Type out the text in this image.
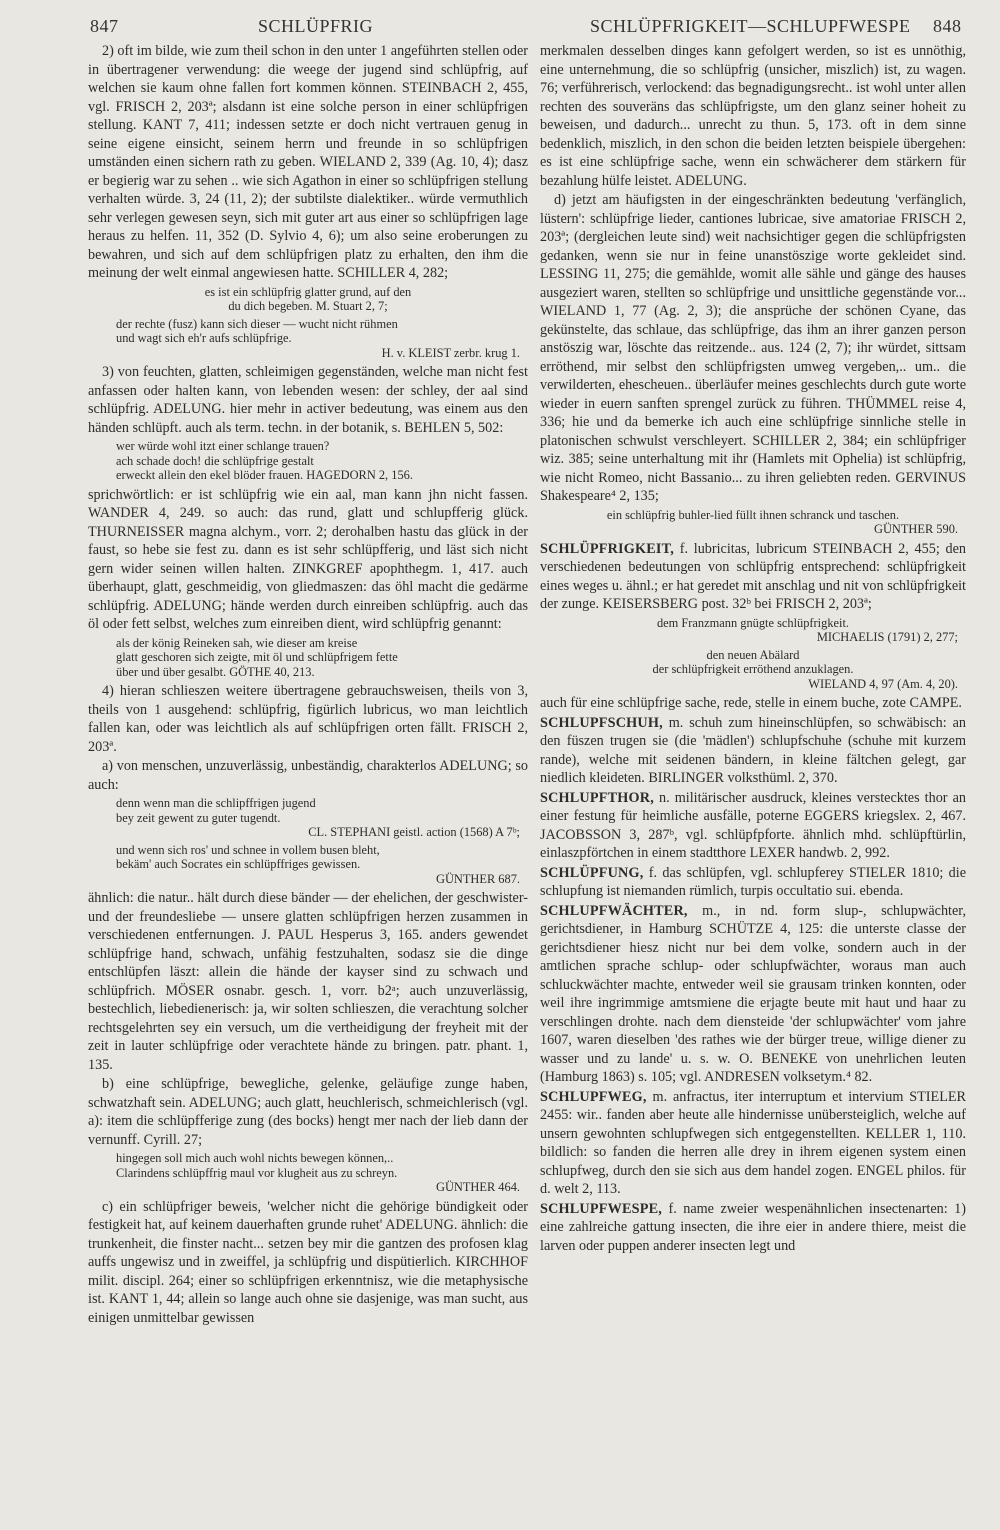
847	SCHLÜPFRIG	SCHLÜPFRIGKEIT—SCHLUPFWESPE 848

2) oft im bilde, wie zum theil schon in den unter 1 angeführten stellen oder in übertragener verwendung: die weege der jugend sind schlüpfrig, auf welchen sie kaum ohne fallen fort kommen können. STEINBACH 2, 455, vgl. FRISCH 2, 203ª; alsdann ist eine solche person in einer schlüpfrigen stellung. KANT 7, 411; indessen setzte er doch nicht vertrauen genug in seine eigene einsicht, seinem herrn und freunde in so schlüpfrigen umständen einen sichern rath zu geben. WIELAND 2, 339 (Ag. 10, 4); dasz er begierig war zu sehen .. wie sich Agathon in einer so schlüpfrigen stellung verhalten würde. 3, 24 (11, 2); der subtilste dialektiker.. würde vermuthlich sehr verlegen gewesen seyn, sich mit guter art aus einer so schlüpfrigen lage heraus zu helfen. 11, 352 (D. Sylvio 4, 6); um also seine eroberungen zu bewahren, und sich auf dem schlüpfrigen platz zu erhalten, den ihm die meinung der welt einmal angewiesen hatte. SCHILLER 4, 282;

es ist ein schlüpfrig glatter grund, auf den
du dich begeben. M. Stuart 2, 7;
der rechte (fusz) kann sich dieser — wucht nicht rühmen
und wagt sich eh'r aufs schlüpfrige.
H. v. KLEIST zerbr. krug 1.

3) von feuchten, glatten, schleimigen gegenständen, welche man nicht fest anfassen oder halten kann, von lebenden wesen: der schley, der aal sind schlüpfrig. ADELUNG. hier mehr in activer bedeutung, was einem aus den händen schlüpft. auch als term. techn. in der botanik, s. BEHLEN 5, 502:

wer würde wohl itzt einer schlange trauen?
ach schade doch! die schlüpfrige gestalt
erweckt allein den ekel blöder frauen. HAGEDORN 2, 156.

sprichwörtlich: er ist schlüpfrig wie ein aal, man kann jhn nicht fassen. WANDER 4, 249. so auch: das rund, glatt und schlupfferig glück. THURNEISSER magna alchym., vorr. 2; derohalben hastu das glück in der faust, so hebe sie fest zu. dann es ist sehr schlüpfferig, und läst sich nicht gern wider seinen willen halten. ZINKGREF apophthegm. 1, 417. auch überhaupt, glatt, geschmeidig, von gliedmaszen: das öhl macht die gedärme schlüpfrig. ADELUNG; hände werden durch einreiben schlüpfrig. auch das öl oder fett selbst, welches zum einreiben dient, wird schlüpfrig genannt:

als der könig Reineken sah, wie dieser am kreise
glatt geschoren sich zeigte, mit öl und schlüpfrigem fette
über und über gesalbt. GÖTHE 40, 213.

4) hieran schlieszen weitere übertragene gebrauchsweisen, theils von 3, theils von 1 ausgehend: schlüpfrig, figürlich lubricus, wo man leichtlich fallen kan, oder was leichtlich als auf schlüpfrigen orten fällt. FRISCH 2, 203ª.

a) von menschen, unzuverlässig, unbeständig, charakterlos ADELUNG; so auch:

denn wenn man die schlipffrigen jugend
bey zeit gewent zu guter tugendt.
CL. STEPHANI geistl. action (1568) A 7ᵇ;
und wenn sich ros' und schnee in vollem busen bleht,
bekäm' auch Socrates ein schlüpffriges gewissen.
GÜNTHER 687.

ähnlich: die natur.. hält durch diese bänder — der ehelichen, der geschwister- und der freundesliebe — unsere glatten schlüpfrigen herzen zusammen in verschiedenen entfernungen. J. PAUL Hesperus 3, 165. anders gewendet schlüpfrige hand, schwach, unfähig festzuhalten, sodasz sie die dinge entschlüpfen läszt: allein die hände der kayser sind zu schwach und schlüpfrich. MÖSER osnabr. gesch. 1, vorr. b2ᵃ; auch unzuverlässig, bestechlich, liebedienerisch: ja, wir solten schlieszen, die verachtung solcher rechtsgelehrten sey ein versuch, um die vertheidigung der freyheit mit der zeit in lauter schlüpfrige oder verachtete hände zu bringen. patr. phant. 1, 135.

b) eine schlüpfrige, bewegliche, gelenke, geläufige zunge haben, schwatzhaft sein. ADELUNG; auch glatt, heuchlerisch, schmeichlerisch (vgl. a): item die schlüpfferige zung (des bocks) hengt mer nach der lieb dann der vernunff. Cyrill. 27;

hingegen soll mich auch wohl nichts bewegen können,..
Clarindens schlüpffrig maul vor klugheit aus zu schreyn.
GÜNTHER 464.

c) ein schlüpfriger beweis, 'welcher nicht die gehörige bündigkeit oder festigkeit hat, auf keinem dauerhaften grunde ruhet' ADELUNG. ähnlich: die trunkenheit, die finster nacht... setzen bey mir die gantzen des profosen klag auffs ungewisz und in zweiffel, ja schlüpfrig und dispütierlich. KIRCHHOF milit. discipl. 264; einer so schlüpfrigen erkenntnisz, wie die metaphysische ist. KANT 1, 44; allein so lange auch ohne sie dasjenige, was man sucht, aus einigen unmittelbar gewissen

merkmalen desselben dinges kann gefolgert werden, so ist es unnöthig, eine unternehmung, die so schlüpfrig (unsicher, miszlich) ist, zu wagen. 76; verführerisch, verlockend: das begnadigungsrecht.. ist wohl unter allen rechten des souveräns das schlüpfrigste, um den glanz seiner hoheit zu beweisen, und dadurch... unrecht zu thun. 5, 173. oft in dem sinne bedenklich, miszlich, in den schon die beiden letzten beispiele übergehen: es ist eine schlüpfrige sache, wenn ein schwächerer dem stärkern für bezahlung hülfe leistet. ADELUNG.

d) jetzt am häufigsten in der eingeschränkten bedeutung 'verfänglich, lüstern': schlüpfrige lieder, cantiones lubricae, sive amatoriae FRISCH 2, 203ª; (dergleichen leute sind) weit nachsichtiger gegen die schlüpfrigsten gedanken, wenn sie nur in feine unanstöszige worte gekleidet sind. LESSING 11, 275; die gemählde, womit alle sähle und gänge des hauses ausgeziert waren, stellten so schlüpfrige und unsittliche gegenstände vor... WIELAND 1, 77 (Ag. 2, 3); die ansprüche der schönen Cyane, das gekünstelte, das schlaue, das schlüpfrige, das ihm an ihrer ganzen person anstöszig war, löschte das reitzende.. aus. 124 (2, 7); ihr würdet, sittsam erröthend, mir selbst den schlüpfrigsten umweg vergeben,.. um.. die verwilderten, ehescheuen.. überläufer meines geschlechts durch gute worte wieder in euern sanften sprengel zurück zu führen. THÜMMEL reise 4, 336; hie und da bemerke ich auch eine schlüpfrige sinnliche stelle in platonischen schwulst verschleyert. SCHILLER 2, 384; ein schlüpfriger wiz. 385; seine unterhaltung mit ihr (Hamlets mit Ophelia) ist schlüpfrig, wie nicht Romeo, nicht Bassanio... zu ihren geliebten reden. GERVINUS Shakespeare⁴ 2, 135;

ein schlüpfrig buhler-lied füllt ihnen schranck und taschen.
GÜNTHER 590.

SCHLÜPFRIGKEIT, f. lubricitas, lubricum STEINBACH 2, 455; den verschiedenen bedeutungen von schlüpfrig entsprechend: schlüpfrigkeit eines weges u. ähnl.; er hat geredet mit anschlag und nit von schlüpfrigkeit der zunge. KEISERSBERG post. 32ᵇ bei FRISCH 2, 203ª;

dem Franzmann gnügte schlüpfrigkeit.
MICHAELIS (1791) 2, 277;
den neuen Abälard
der schlüpfrigkeit erröthend anzuklagen.
WIELAND 4, 97 (Am. 4, 20).

auch für eine schlüpfrige sache, rede, stelle in einem buche, zote CAMPE.

SCHLUPFSCHUH, m. schuh zum hineinschlüpfen, so schwäbisch: an den füszen trugen sie (die 'mädlen') schlupfschuhe (schuhe mit kurzem rande), welche mit seidenen bändern, in kleine fältchen gelegt, gar niedlich kleideten. BIRLINGER volksthüml. 2, 370.

SCHLUPFTHOR, n. militärischer ausdruck, kleines verstecktes thor an einer festung für heimliche ausfälle, poterne EGGERS kriegslex. 2, 467. JACOBSSON 3, 287ᵇ, vgl. schlüpfpforte. ähnlich mhd. schlüpftürlin, einlaszpförtchen in einem stadtthore LEXER handwb. 2, 992.

SCHLÜPFUNG, f. das schlüpfen, vgl. schlupferey STIELER 1810; die schlupfung ist niemanden rümlich, turpis occultatio sui. ebenda.

SCHLUPFWÄCHTER, m., in nd. form slup-, schlupwächter, gerichtsdiener, in Hamburg SCHÜTZE 4, 125: die unterste classe der gerichtsdiener hiesz nicht nur bei dem volke, sondern auch in der amtlichen sprache schlup- oder schlupfwächter, woraus man auch schluckwächter machte, entweder weil sie grausam trinken konnten, oder weil ihre ingrimmige amtsmiene die erjagte beute mit haut und haar zu verschlingen drohte. nach dem diensteide 'der schlupwächter' vom jahre 1607, waren dieselben 'des rathes wie der bürger treue, willige diener zu wasser und zu lande' u. s. w. O. BENEKE von unehrlichen leuten (Hamburg 1863) s. 105; vgl. ANDRESEN volksetym.⁴ 82.

SCHLUPFWEG, m. anfractus, iter interruptum et intervium STIELER 2455: wir.. fanden aber heute alle hindernisse unübersteiglich, welche auf unsern gewohnten schlupfwegen sich entgegenstellten. KELLER 1, 110. bildlich: so fanden die herren alle drey in ihrem eigenen system einen schlupfweg, durch den sie sich aus dem handel zogen. ENGEL philos. für d. welt 2, 113.

SCHLUPFWESPE, f. name zweier wespenähnlichen insectenarten: 1) eine zahlreiche gattung insecten, die ihre eier in andere thiere, meist die larven oder puppen anderer insecten legt und
